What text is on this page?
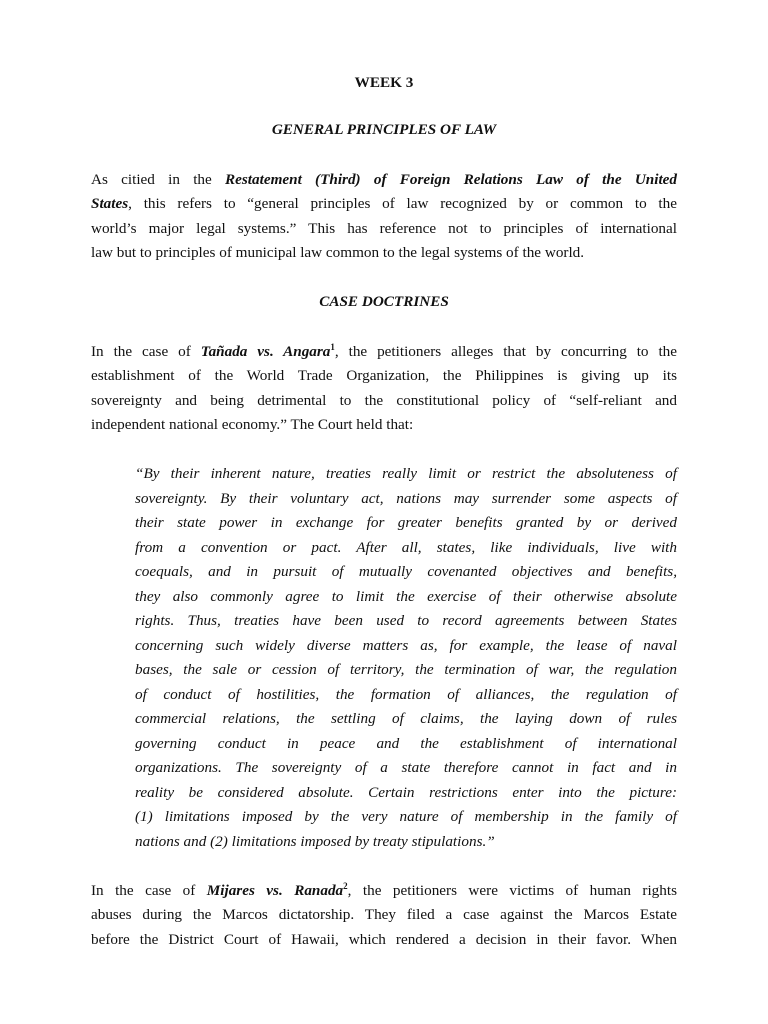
WEEK 3
GENERAL PRINCIPLES OF LAW
As citied in the Restatement (Third) of Foreign Relations Law of the United
States, this refers to “general principles of law recognized by or common to the
world’s major legal systems.” This has reference not to principles of international
law but to principles of municipal law common to the legal systems of the world.
CASE DOCTRINES
In the case of Tañada vs. Angara$^1$, the petitioners alleges that by concurring to the
establishment of the World Trade Organization, the Philippines is giving up its
sovereignty and being detrimental to the constitutional policy of “self-reliant and
independent national economy.” The Court held that:
“By their inherent nature, treaties really limit or restrict the absoluteness of
sovereignty. By their voluntary act, nations may surrender some aspects of
their state power in exchange for greater benefits granted by or derived
from a convention or pact. After all, states, like individuals, live with
coequals, and in pursuit of mutually covenanted objectives and benefits,
they also commonly agree to limit the exercise of their otherwise absolute
rights. Thus, treaties have been used to record agreements between States
concerning such widely diverse matters as, for example, the lease of naval
bases, the sale or cession of territory, the termination of war, the regulation
of conduct of hostilities, the formation of alliances, the regulation of
commercial relations, the settling of claims, the laying down of rules
governing conduct in peace and the establishment of international
organizations. The sovereignty of a state therefore cannot in fact and in
reality be considered absolute. Certain restrictions enter into the picture:
(1) limitations imposed by the very nature of membership in the family of
nations and (2) limitations imposed by treaty stipulations.”
In the case of Mijares vs. Ranada$^2$, the petitioners were victims of human rights
abuses during the Marcos dictatorship. They filed a case against the Marcos Estate
before the District Court of Hawaii, which rendered a decision in their favor. When
